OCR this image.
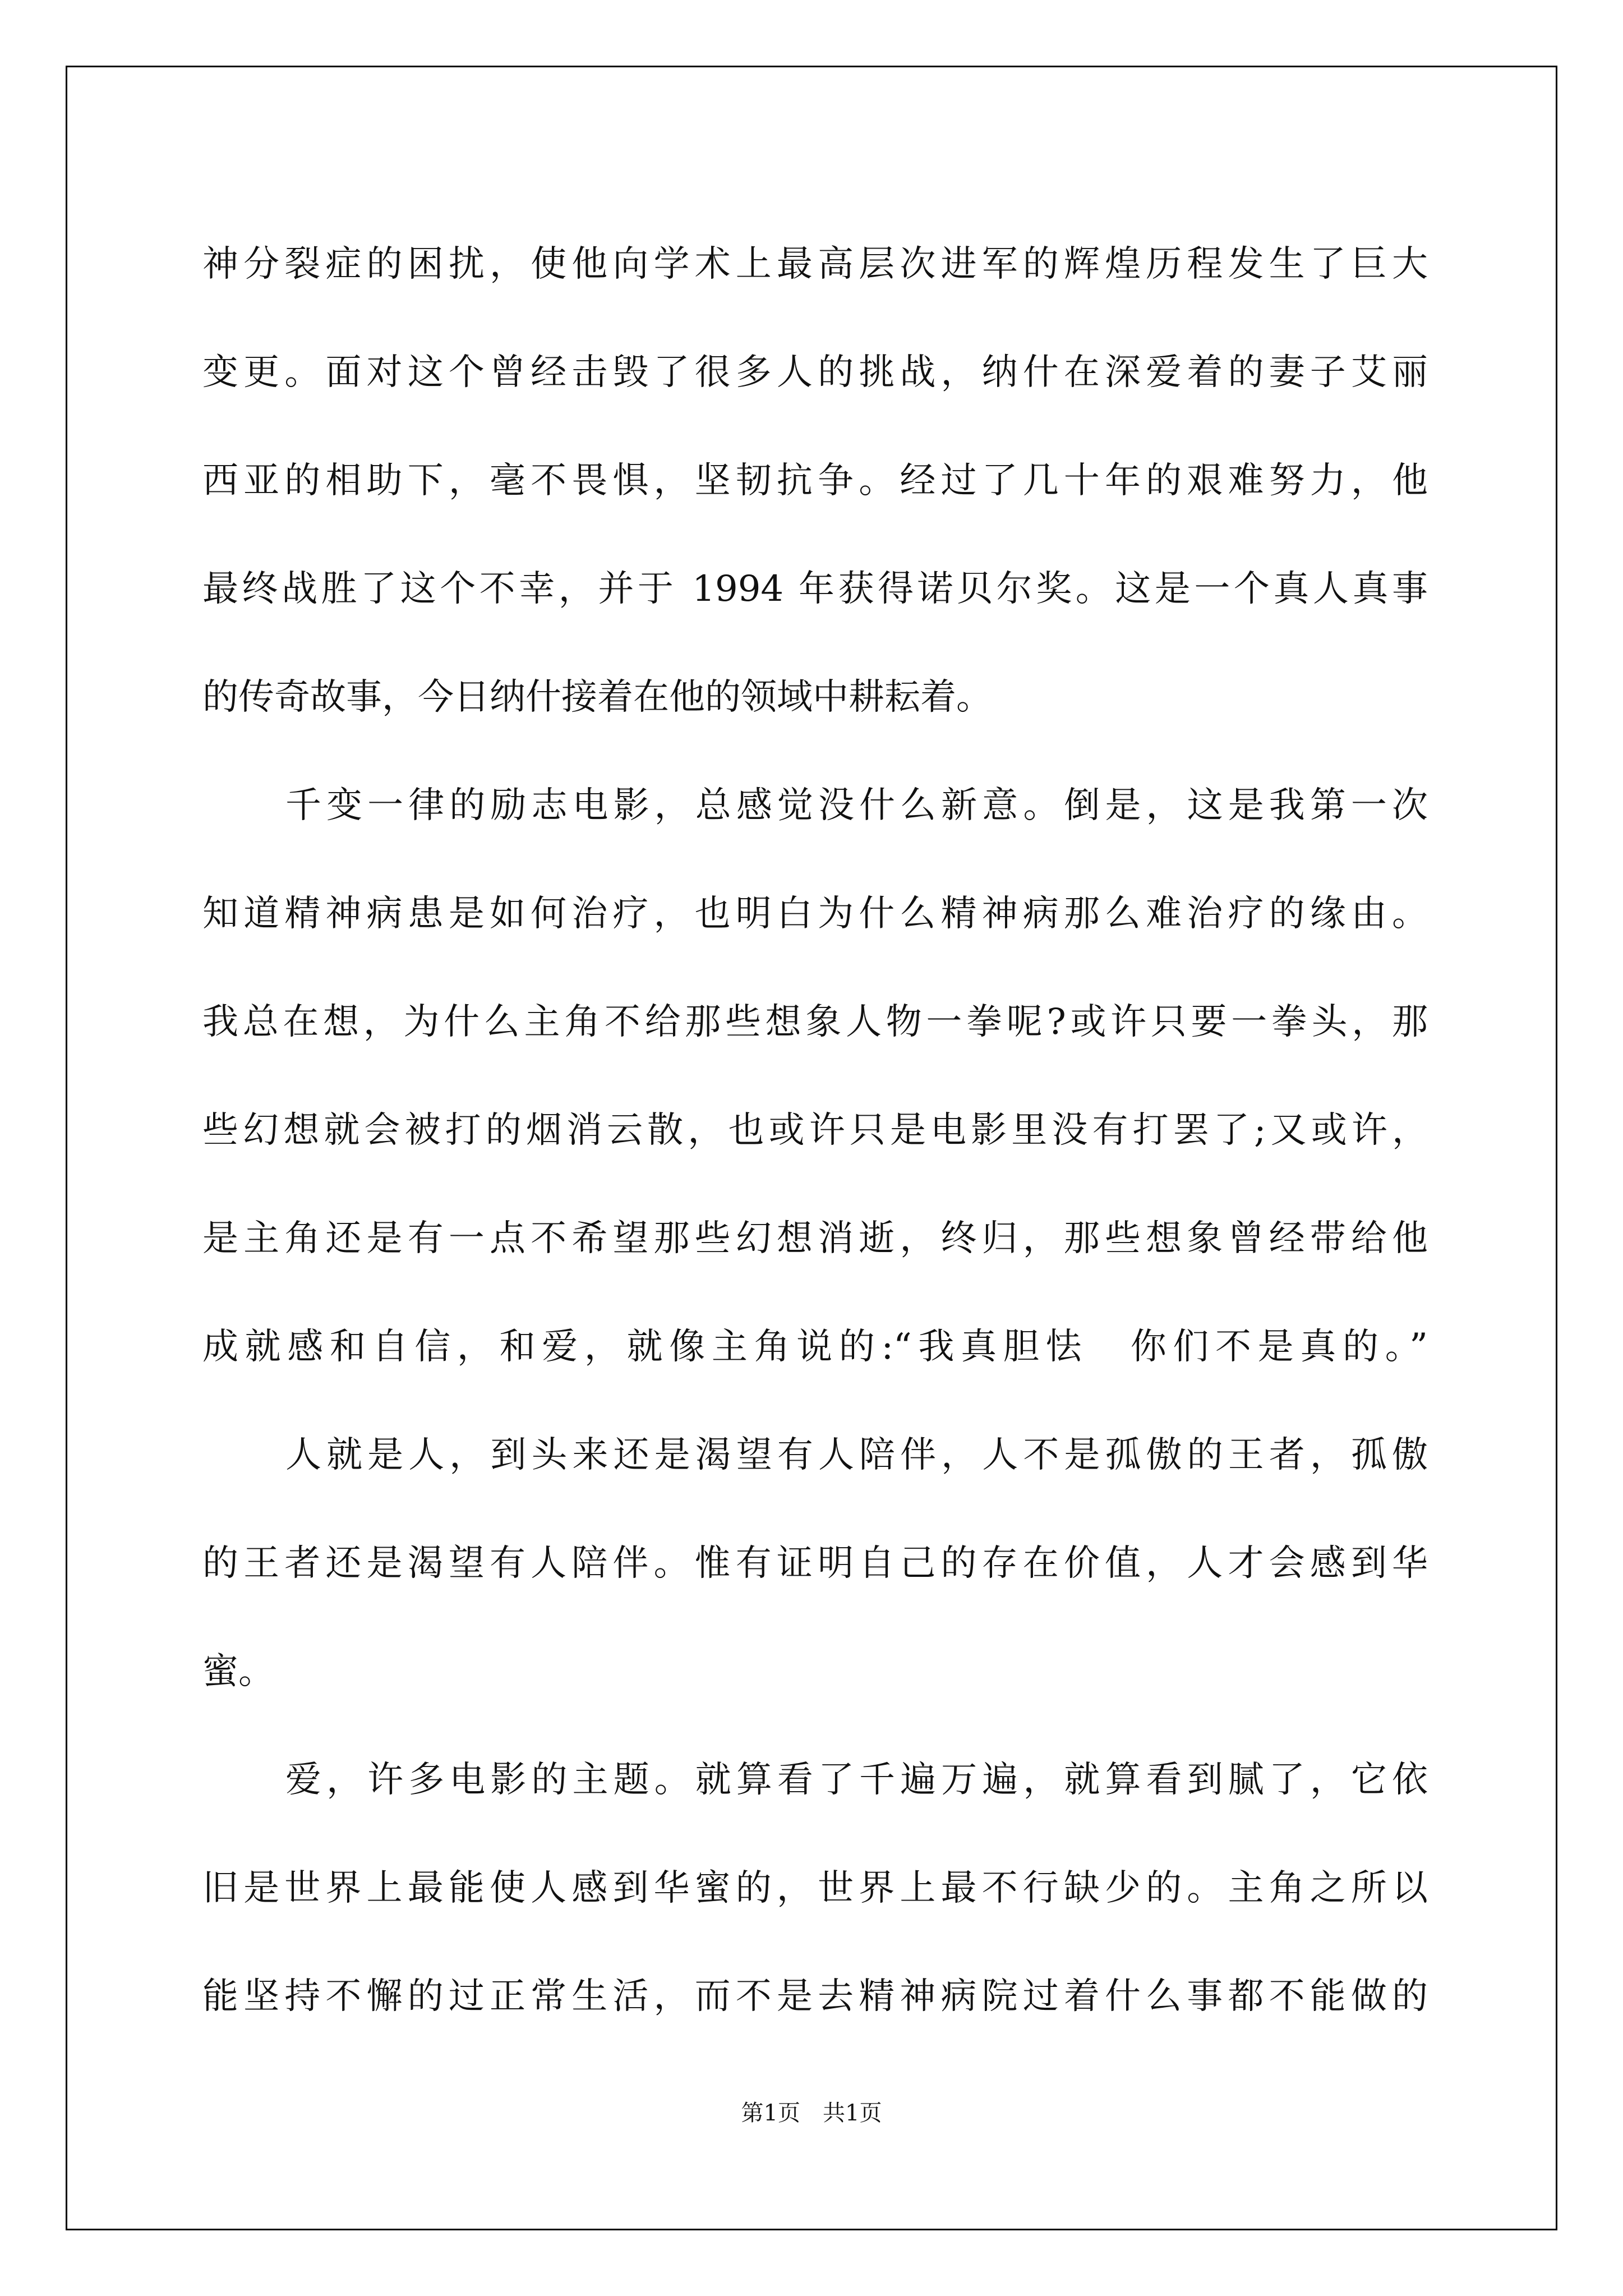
神分裂症的困扰，使他向学术上最高层次进军的辉煌历程发生了巨大
变更。面对这个曾经击毁了很多人的挑战，纳什在深爱着的妻子艾丽
西亚的相助下，毫不畏惧，坚韧抗争。经过了几十年的艰难努力，他
最终战胜了这个不幸，并于 1994 年获得诺贝尔奖。这是一个真人真事
的传奇故事，今日纳什接着在他的领域中耕耘着。
千变一律的励志电影，总感觉没什么新意。倒是，这是我第一次
知道精神病患是如何治疗，也明白为什么精神病那么难治疗的缘由。
我总在想，为什么主角不给那些想象人物一拳呢?或许只要一拳头，那
些幻想就会被打的烟消云散，也或许只是电影里没有打罢了;又或许，
是主角还是有一点不希望那些幻想消逝，终归，那些想象曾经带给他
成就感和自信，和爱，就像主角说的:“我真胆怯　你们不是真的。”
人就是人，到头来还是渴望有人陪伴，人不是孤傲的王者，孤傲
的王者还是渴望有人陪伴。惟有证明自己的存在价值，人才会感到华
蜜。
爱，许多电影的主题。就算看了千遍万遍，就算看到腻了，它依
旧是世界上最能使人感到华蜜的，世界上最不行缺少的。主角之所以
能坚持不懈的过正常生活，而不是去精神病院过着什么事都不能做的
第1页　共1页
